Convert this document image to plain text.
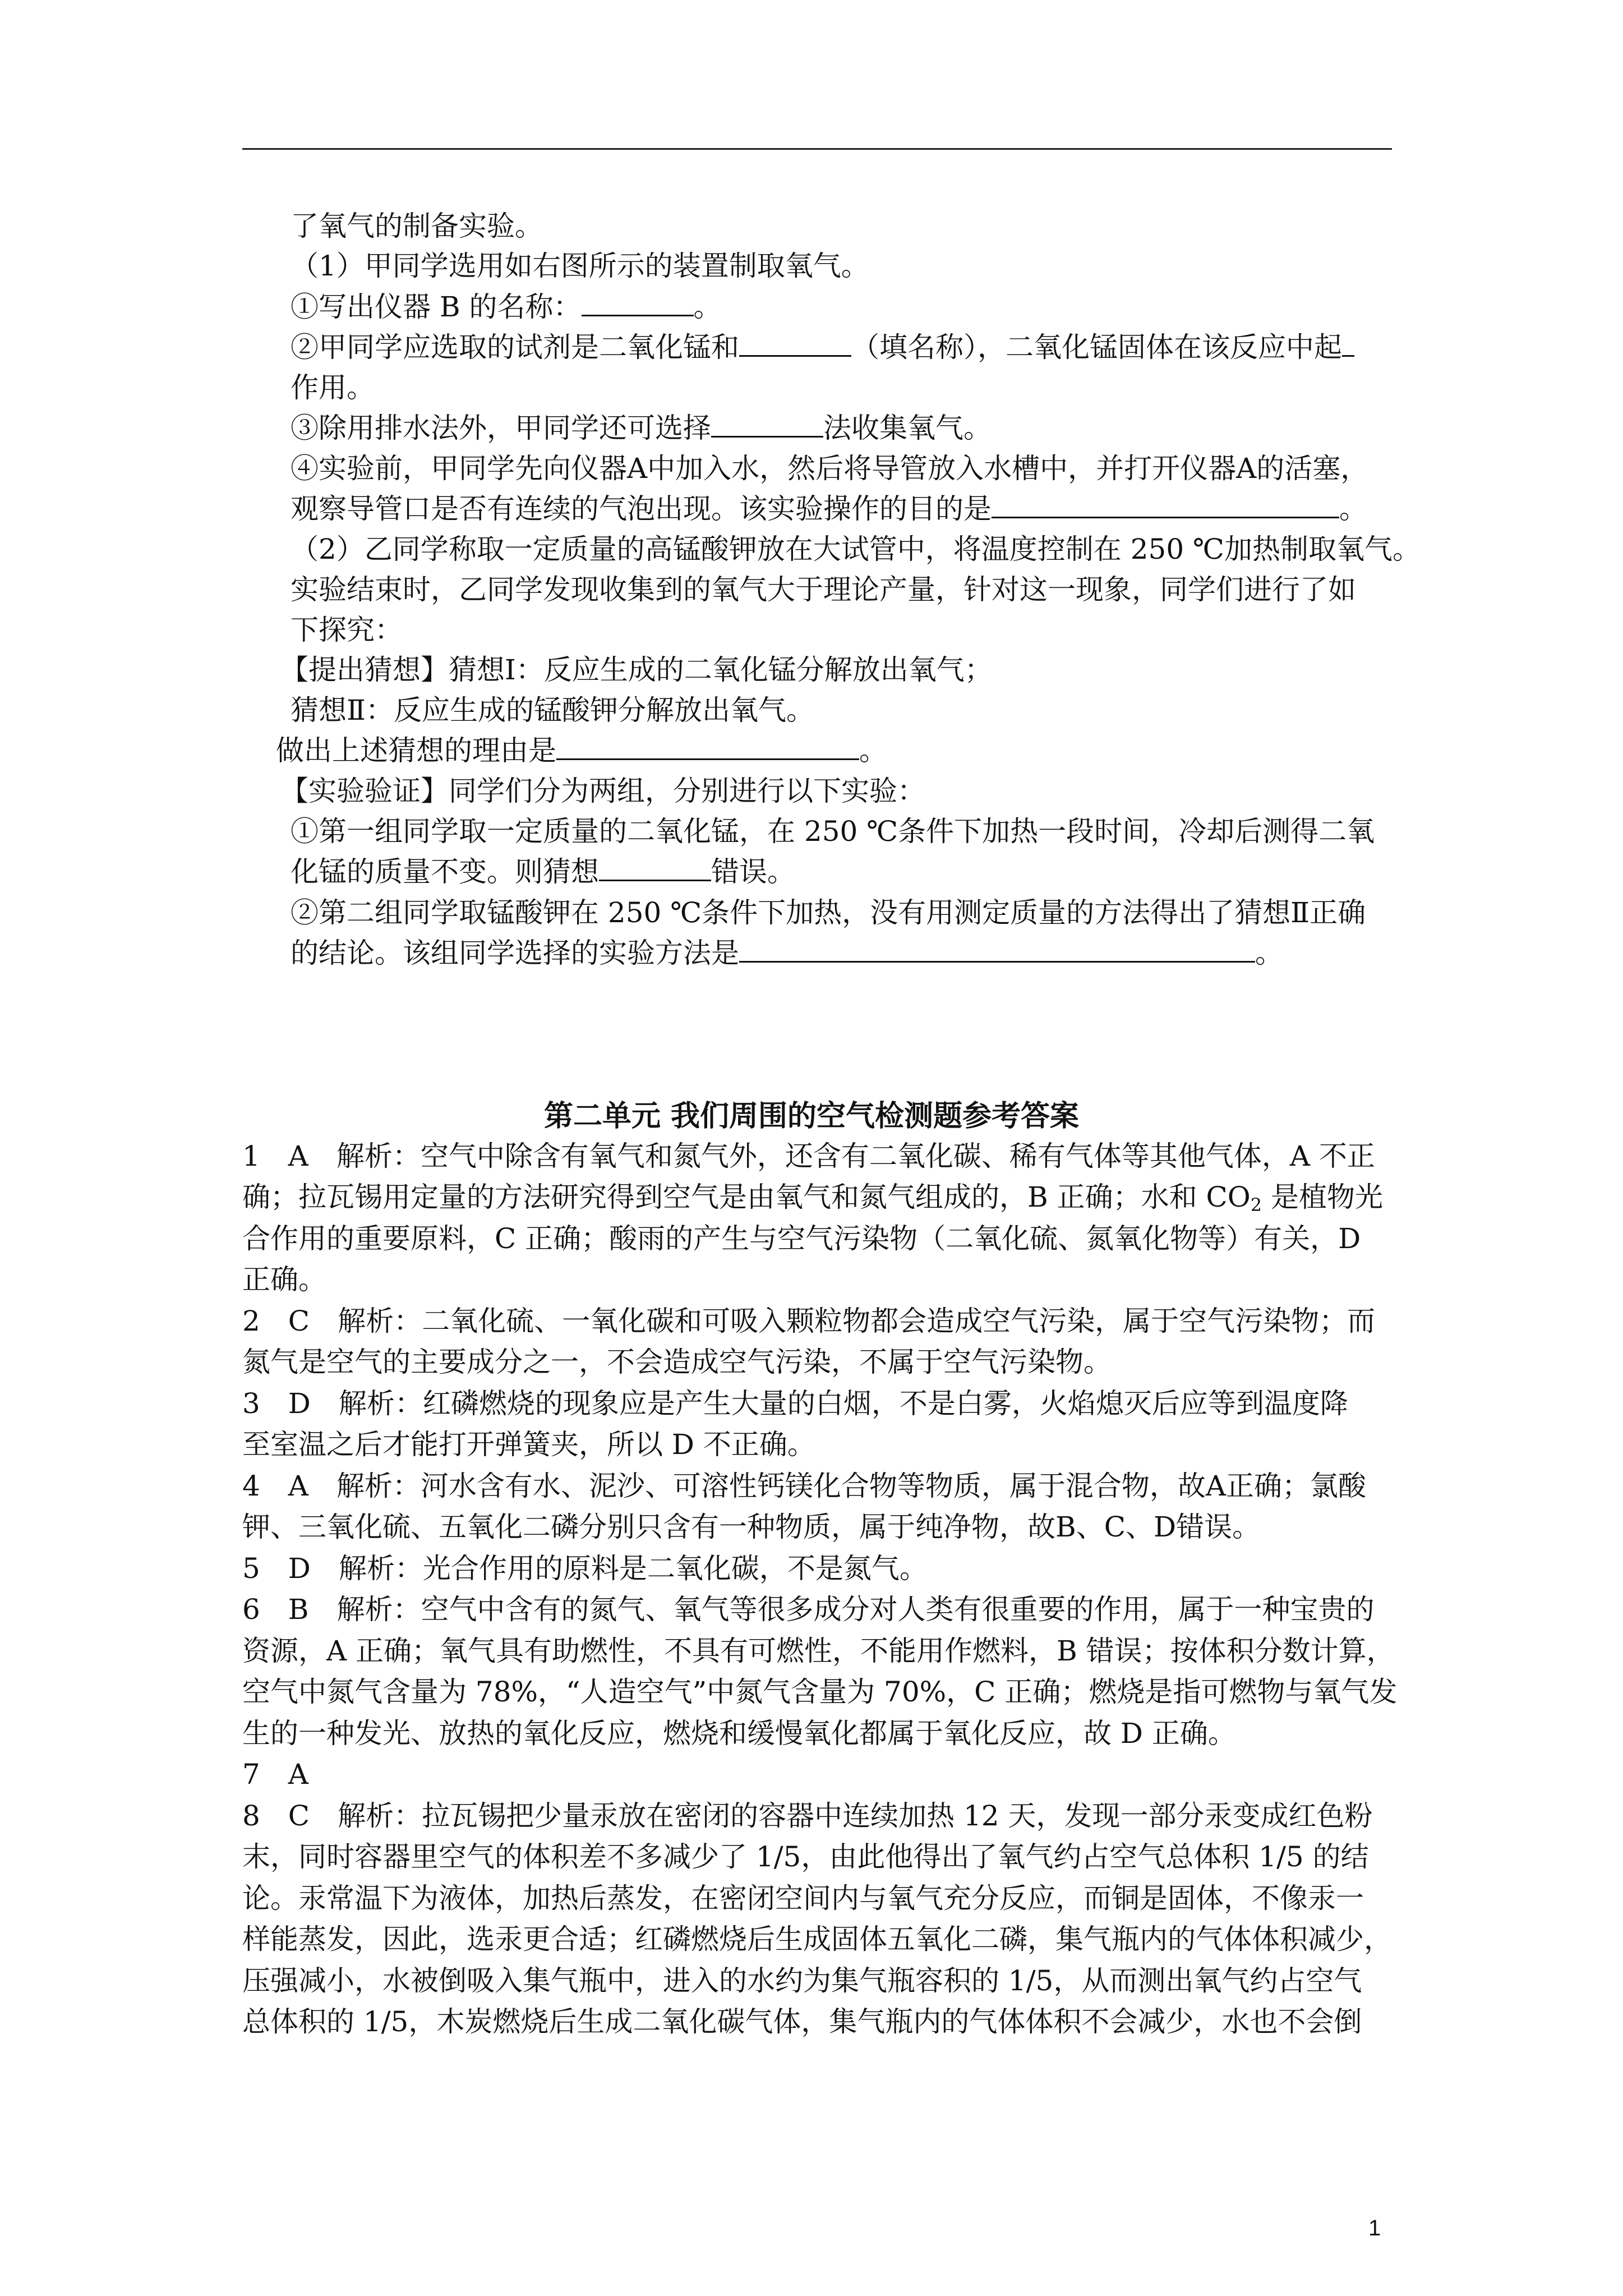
了氧气的制备实验。
（1）甲同学选用如右图所示的装置制取氧气。
①写出仪器 B 的名称：	。
②甲同学应选取的试剂是二氧化锰和	（填名称），二氧化锰固体在该反应中起
作用。
③除用排水法外，甲同学还可选择	法收集氧气。
④实验前，甲同学先向仪器A中加入水，然后将导管放入水槽中，并打开仪器A的活塞，
观察导管口是否有连续的气泡出现。该实验操作的目的是	。
（2）乙同学称取一定质量的高锰酸钾放在大试管中，将温度控制在 250 ℃加热制取氧气。
实验结束时，乙同学发现收集到的氧气大于理论产量，针对这一现象，同学们进行了如
下探究：
【提出猜想】猜想Ⅰ：反应生成的二氧化锰分解放出氧气；
猜想Ⅱ：反应生成的锰酸钾分解放出氧气。
做出上述猜想的理由是	。
【实验验证】同学们分为两组，分别进行以下实验：
①第一组同学取一定质量的二氧化锰，在 250 ℃条件下加热一段时间，冷却后测得二氧
化锰的质量不变。则猜想	错误。
②第二组同学取锰酸钾在 250 ℃条件下加热，没有用测定质量的方法得出了猜想Ⅱ正确
的结论。该组同学选择的实验方法是	。
第二单元 我们周围的空气检测题参考答案
1　A　解析：空气中除含有氧气和氮气外，还含有二氧化碳、稀有气体等其他气体，A 不正
确；拉瓦锡用定量的方法研究得到空气是由氧气和氮气组成的，B 正确；水和 $CO_2$ 是植物光
合作用的重要原料，C 正确；酸雨的产生与空气污染物（二氧化硫、氮氧化物等）有关，D
正确。
2　C　解析：二氧化硫、一氧化碳和可吸入颗粒物都会造成空气污染，属于空气污染物；而
氮气是空气的主要成分之一，不会造成空气污染，不属于空气污染物。
3　D　解析：红磷燃烧的现象应是产生大量的白烟，不是白雾，火焰熄灭后应等到温度降
至室温之后才能打开弹簧夹，所以 D 不正确。
4　A　解析：河水含有水、泥沙、可溶性钙镁化合物等物质，属于混合物，故A正确；氯酸
钾、三氧化硫、五氧化二磷分别只含有一种物质，属于纯净物，故B、C、D错误。
5　D　解析：光合作用的原料是二氧化碳，不是氮气。
6　B　解析：空气中含有的氮气、氧气等很多成分对人类有很重要的作用，属于一种宝贵的
资源，A 正确；氧气具有助燃性，不具有可燃性，不能用作燃料，B 错误；按体积分数计算，
空气中氮气含量为 78%，“人造空气”中氮气含量为 70%，C 正确；燃烧是指可燃物与氧气发
生的一种发光、放热的氧化反应，燃烧和缓慢氧化都属于氧化反应，故 D 正确。
7　A
8　C　解析：拉瓦锡把少量汞放在密闭的容器中连续加热 12 天，发现一部分汞变成红色粉
末，同时容器里空气的体积差不多减少了 1/5，由此他得出了氧气约占空气总体积 1/5 的结
论。汞常温下为液体，加热后蒸发，在密闭空间内与氧气充分反应，而铜是固体，不像汞一
样能蒸发，因此，选汞更合适；红磷燃烧后生成固体五氧化二磷，集气瓶内的气体体积减少，
压强减小，水被倒吸入集气瓶中，进入的水约为集气瓶容积的 1/5，从而测出氧气约占空气
总体积的 1/5，木炭燃烧后生成二氧化碳气体，集气瓶内的气体体积不会减少，水也不会倒
1
